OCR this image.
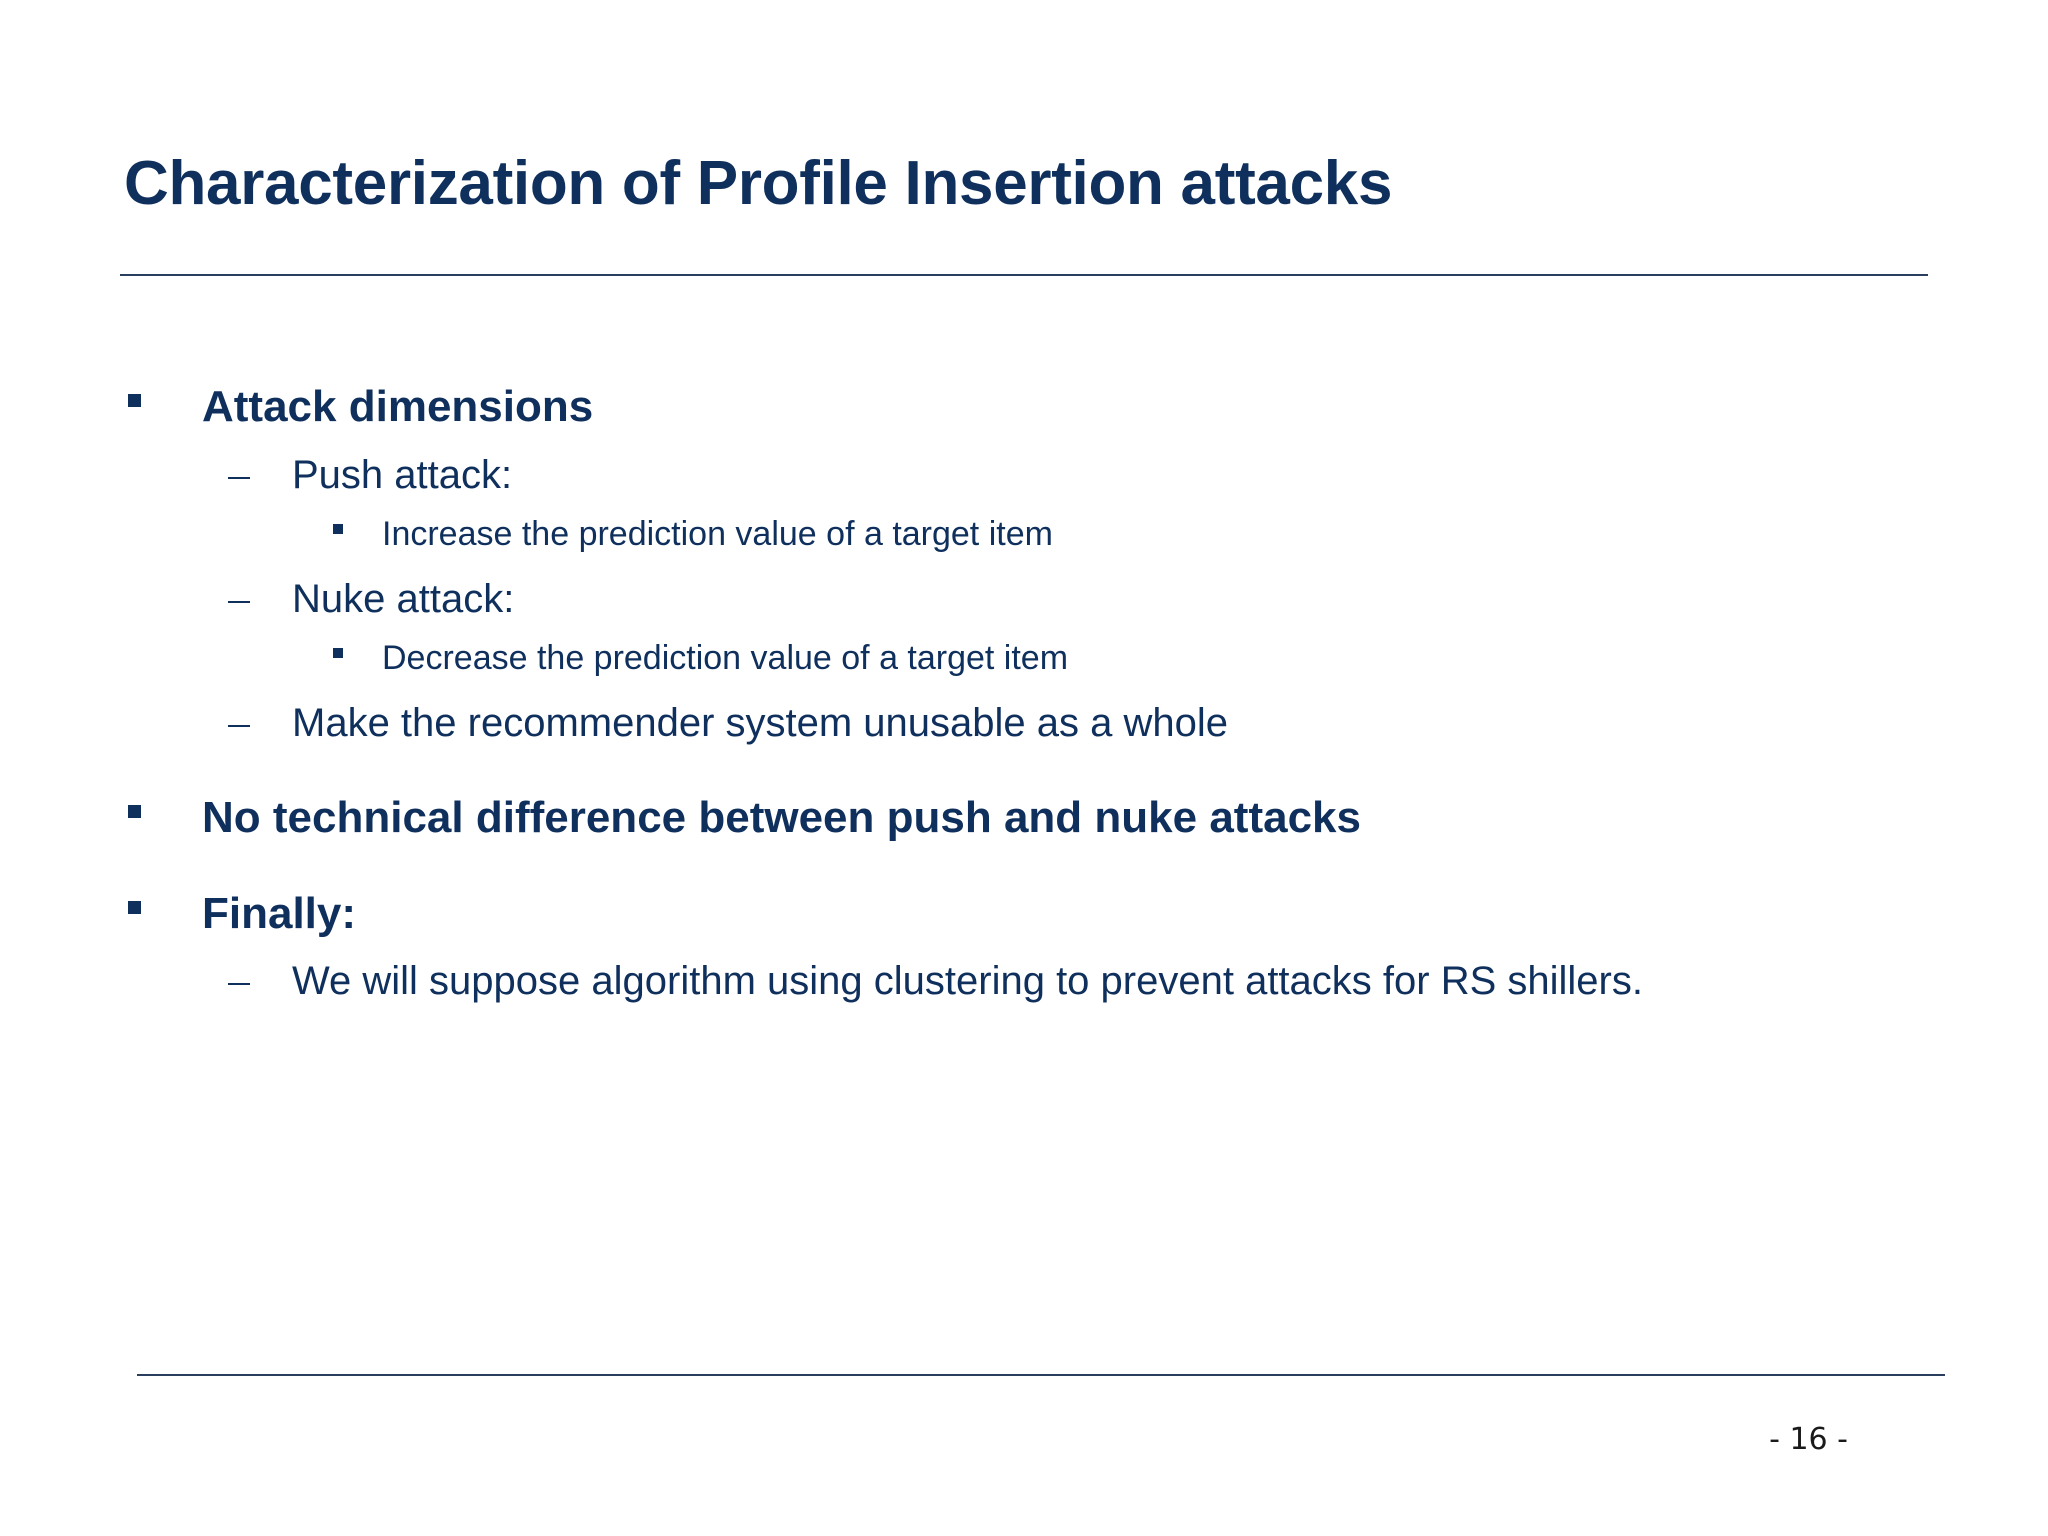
Characterization of Profile Insertion attacks
Attack dimensions
Push attack:
Increase the prediction value of a target item
Nuke attack:
Decrease the prediction value of a target item
Make the recommender system unusable as a whole
No technical difference between push and nuke attacks
Finally:
We will suppose algorithm using clustering to prevent attacks for RS shillers.
- 16 -
